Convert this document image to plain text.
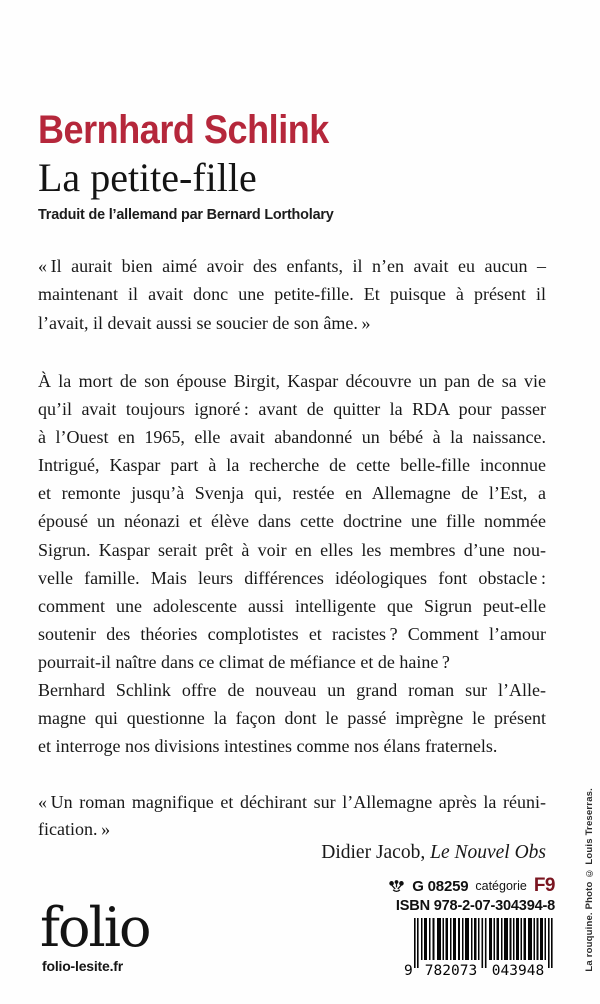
Bernhard Schlink
La petite-fille
Traduit de l’allemand par Bernard Lortholary
« Il aurait bien aimé avoir des enfants, il n’en avait eu aucun –
maintenant il avait donc une petite-fille. Et puisque à présent il
l’avait, il devait aussi se soucier de son âme. »
À la mort de son épouse Birgit, Kaspar découvre un pan de sa vie
qu’il avait toujours ignoré : avant de quitter la RDA pour passer
à l’Ouest en 1965, elle avait abandonné un bébé à la naissance.
Intrigué, Kaspar part à la recherche de cette belle-fille inconnue
et remonte jusqu’à Svenja qui, restée en Allemagne de l’Est, a
épousé un néonazi et élève dans cette doctrine une fille nommée
Sigrun. Kaspar serait prêt à voir en elles les membres d’une nou-
velle famille. Mais leurs différences idéologiques font obstacle :
comment une adolescente aussi intelligente que Sigrun peut-elle
soutenir des théories complotistes et racistes ? Comment l’amour
pourrait-il naître dans ce climat de méfiance et de haine ?
Bernhard Schlink offre de nouveau un grand roman sur l’Alle-
magne qui questionne la façon dont le passé imprègne le présent
et interroge nos divisions intestines comme nos élans fraternels.
« Un roman magnifique et déchirant sur l’Allemagne après la réuni-
fication. »
Didier Jacob, Le Nouvel Obs
G 08259 catégorie F9
ISBN 978-2-07-304394-8
9 782073 043948
folio
folio-lesite.fr	La rouquine. Photo © Louis Treserras.
